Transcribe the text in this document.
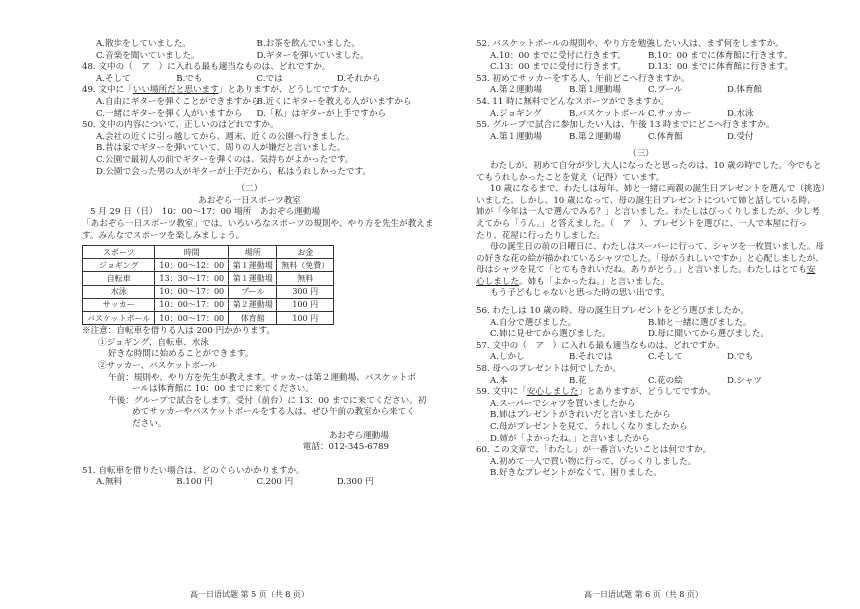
A.散歩をしていました。	B.お茶を飲んでいました。
C.音楽を聞いていました。	D.ギターを弾いていました。
48. 文中の（　ア　）に入れる最も適当なものは、どれですか。
A.そして	B.でも	C.では	D.それから
49. 文中に「いい場所だと思います」とありますが、どうしてですか。
A.自由にギターを弾くことができますから
B.近くにギターを教える人がいますから
C.一緒にギターを弾く人がいますから	D.「私」はギターが上手ですから
50. 文中の内容について、正しいのはどれですか。
A.会社の近くに引っ越してから、週末、近くの公園へ行きました。
B.昔は家でギターを弾いていて、周りの人が嫌だと言いました。
C.公園で最初人の前でギターを弾くのは、気持ちがよかったです。
D.公園で会った男の人がギターが上手だから、私はうれしかったです。
（二）
あおぞら一日スポーツ教室
5 月 29 日（日）　10：00～17：00 場所　あおぞら運動場
「あおぞら一日スポーツ教室」では、いろいろなスポーツの規則や、やり方を先生が教えま
す。みんなでスポーツを楽しみましょう。
スポーツ	時間	場所	お金
ジョギング	10：00～12：00	第１運動場	無料（免費）
自転車	13：30～17：00	第１運動場	無料
水泳	10：00～17：00	プール	300 円
サッカー	10：00～17：00	第２運動場	100 円
バスケットボール	10：00～17：00	体育館	100 円
※注意：自転車を借りる人は 200 円かかります。
①ジョギング、自転車、水泳
好きな時間に始めることができます。
②サッカー、バスケットボール
午前：規則や、やり方を先生が教えます。サッカーは第２運動場、バスケットボ
ールは体育館に 10：00 までに来てください。
午後：グループで試合をします。受付（前台）に 13：00 までに来てください。初
めてサッカーやバスケットボールをする人は、ぜひ午前の教室から来てく
ださい。
あおぞら運動場
電話：012-345-6789
51. 自転車を借りたい場合は、どのぐらいかかりますか。
A.無料	B.100 円	C.200 円	D.300 円
高一日语试题 第 5 页（共 8 页）
52. バスケットボールの規則や、やり方を勉強したい人は、まず何をしますか。
A.10：00 までに受付に行きます。	B.10：00 までに体育館に行きます。
C.13：00 までに受付に行きます。	D.13：00 までに体育館に行きます。
53. 初めてサッカーをする人、午前どこへ行きますか。
A.第２運動場	B.第１運動場	C.プール	D.体育館
54. 11 時に無料でどんなスポーツができますか。
A.ジョギング	B.バスケットボール C.サッカー	D.水泳
55. グループで試合に参加したい人は、午後 13 時までにどこへ行きますか。
A.第１運動場	B.第２運動場	C.体育館	D.受付
（三）
わたしが、初めて自分が少し大人になったと思ったのは、10 歳の時でした。今でもと
てもうれしかったことを覚え（记得）ています。
10 歳になるまで、わたしは毎年、姉と一緒に両親の誕生日プレゼントを選んで（挑选）
いました。しかし、10 歳になって、母の誕生日プレゼントについて姉と話している時、
姉が「今年は一人で選んでみる？」と言いました。わたしはびっくりしましたが、少し考
えてから「うん。」と答えました。（　ア　）、プレゼントを選びに、一人で本屋に行っ
たり、花屋に行ったりしました。
母の誕生日の前の日曜日に、わたしはスーパーに行って、シャツを一枚買いました。母
の好きな花の絵が描かれているシャツでした。「母がうれしいですか」と心配しましたが、
母はシャツを見て「とてもきれいだね。ありがとう。」と言いました。わたしはとても安
心しました。姉も「よかったね。」と言いました。
もう子どもじゃないと思った時の思い出です。
56. わたしは 10 歳の時、母の誕生日プレゼントをどう選びましたか。
A.自分で選びました。	B.姉と一緒に選びました。
C.姉に見せてから選びました。	D.母に聞いてから選びました。
57. 文中の（　ア　）に入れる最も適当なものは、どれですか。
A.しかし	B.それでは	C.そして	D.でも
58. 母へのプレゼントは何でしたか。
A.本	B.花	C.花の絵	D.シャツ
59. 文中に「安心しました」とありますが、どうしてですか。
A.スーパーでシャツを買いましたから
B.姉はプレゼントがきれいだと言いましたから
C.母がプレゼントを見て、うれしくなりましたから
D.姉が「よかったね。」と言いましたから
60. この文章で、「わたし」が一番言いたいことは何ですか。
A.初めて一人で買い物に行って、びっくりしました。
B.好きなプレゼントがなくて、困りました。
高一日语试题 第 6 页（共 8 页）
